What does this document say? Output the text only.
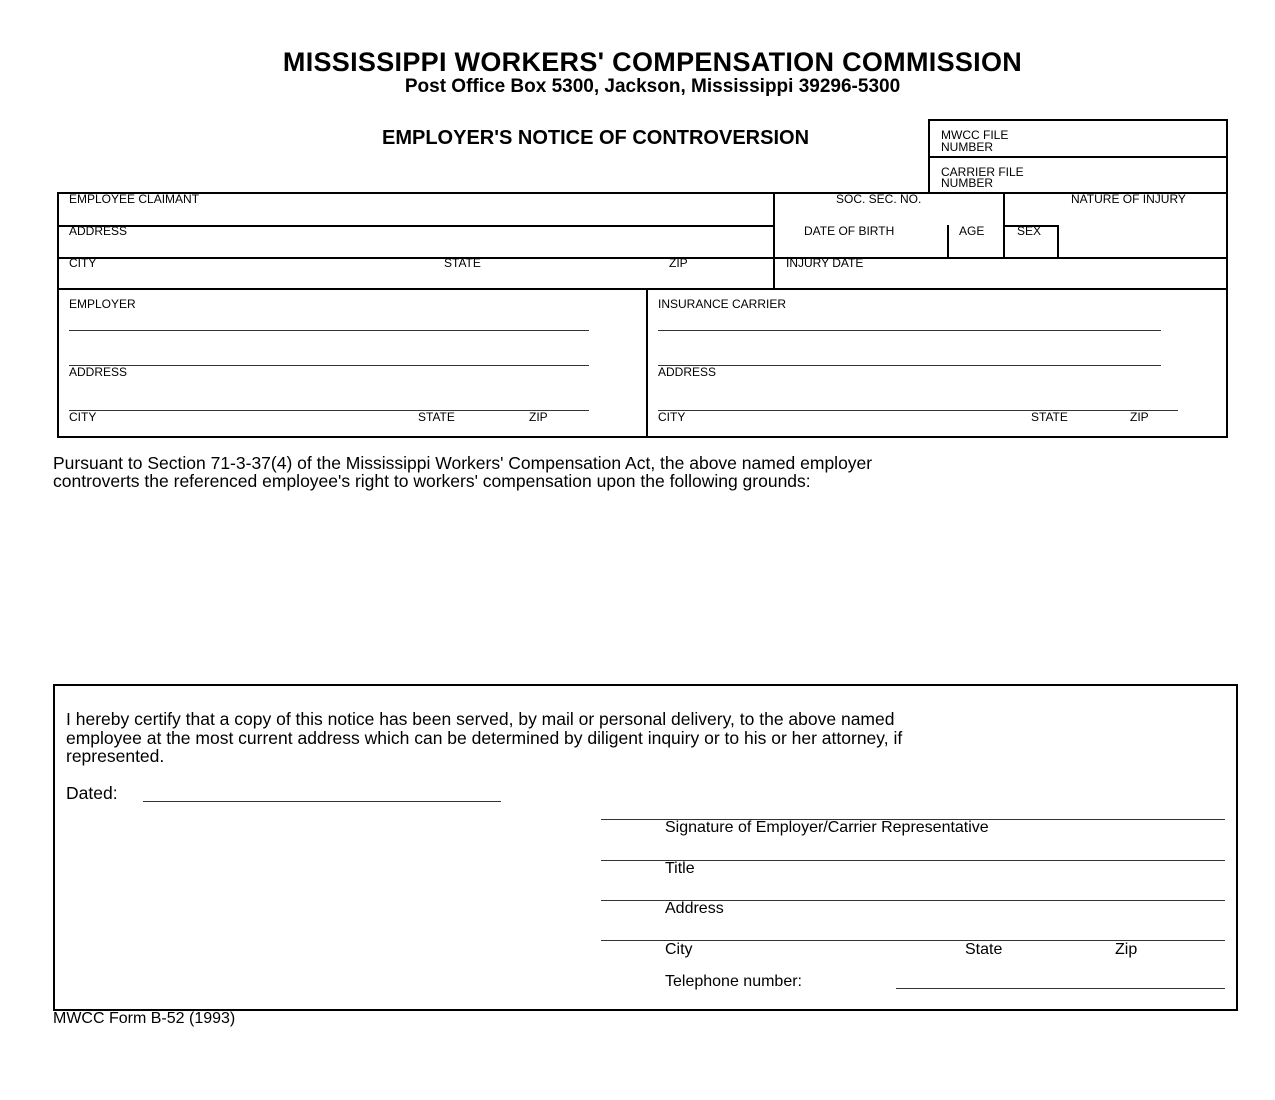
MISSISSIPPI WORKERS' COMPENSATION COMMISSION
Post Office Box 5300, Jackson, Mississippi 39296-5300
EMPLOYER'S NOTICE OF CONTROVERSION	MWCC FILE
NUMBER
CARRIER FILE
NUMBER
EMPLOYEE CLAIMANT	SOC. SEC. NO.	NATURE OF INJURY
ADDRESS	DATE OF BIRTH	AGE	SEX
CITY	STATE	ZIP	INJURY DATE
EMPLOYER
ADDRESS
CITY	STATE	ZIP
INSURANCE CARRIER
ADDRESS
CITY	STATE	ZIP
Pursuant to Section 71-3-37(4) of the Mississippi Workers' Compensation Act, the above named employer
controverts the referenced employee's right to workers' compensation upon the following grounds:
I hereby certify that a copy of this notice has been served, by mail or personal delivery, to the above named
employee at the most current address which can be determined by diligent inquiry or to his or her attorney, if
represented.
Dated:
Signature of Employer/Carrier Representative
Title
Address
City	State	Zip
Telephone number:
MWCC Form B-52 (1993)
